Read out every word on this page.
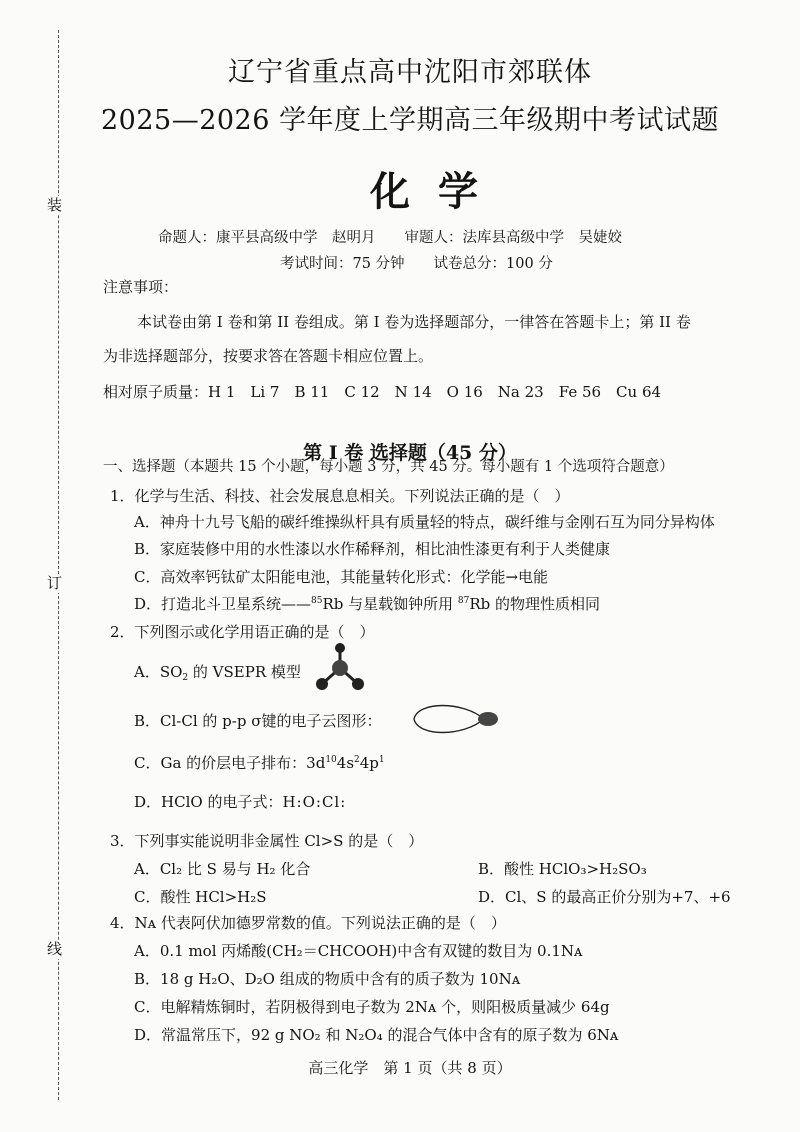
装
订
线
辽宁省重点高中沈阳市郊联体
2025—2026 学年度上学期高三年级期中考试试题
化学
命题人：康平县高级中学　赵明月　　审题人：法库县高级中学　吴婕姣
考试时间：75 分钟　　试卷总分：100 分
注意事项：
本试卷由第 I 卷和第 II 卷组成。第 I 卷为选择题部分，一律答在答题卡上；第 II 卷
为非选择题部分，按要求答在答题卡相应位置上。
相对原子质量：H 1　Li 7　B 11　C 12　N 14　O 16　Na 23　Fe 56　Cu 64
第 I 卷 选择题（45 分）
一、选择题（本题共 15 个小题，每小题 3 分，共 45 分。每小题有 1 个选项符合题意）
1．化学与生活、科技、社会发展息息相关。下列说法正确的是（　）
A．神舟十九号飞船的碳纤维操纵杆具有质量轻的特点，碳纤维与金刚石互为同分异构体
B．家庭装修中用的水性漆以水作稀释剂，相比油性漆更有利于人类健康
C．高效率钙钛矿太阳能电池，其能量转化形式：化学能→电能
D．打造北斗卫星系统——$^{85}$Rb 与星载铷钟所用 $^{87}$Rb 的物理性质相同
2．下列图示或化学用语正确的是（　）
A．$SO_2$ 的 VSEPR 模型
B．Cl-Cl 的 p-p σ键的电子云图形：
C．Ga 的价层电子排布：$3d^{10}4s^24p^1$
D．HClO 的电子式：H:O:Cl:
3．下列事实能说明非金属性 Cl>S 的是（　）
A．Cl₂ 比 S 易与 H₂ 化合	B．酸性 HClO₃>H₂SO₃
C．酸性 HCl>H₂S	D．Cl、S 的最高正价分别为+7、+6
4．Nᴀ 代表阿伏加德罗常数的值。下列说法正确的是（　）
A．0.1 mol 丙烯酸(CH₂＝CHCOOH)中含有双键的数目为 0.1Nᴀ
B．18 g H₂O、D₂O 组成的物质中含有的质子数为 10Nᴀ
C．电解精炼铜时，若阴极得到电子数为 2Nᴀ 个，则阳极质量减少 64g
D．常温常压下，92 g NO₂ 和 N₂O₄ 的混合气体中含有的原子数为 6Nᴀ
高三化学　第 1 页（共 8 页）
